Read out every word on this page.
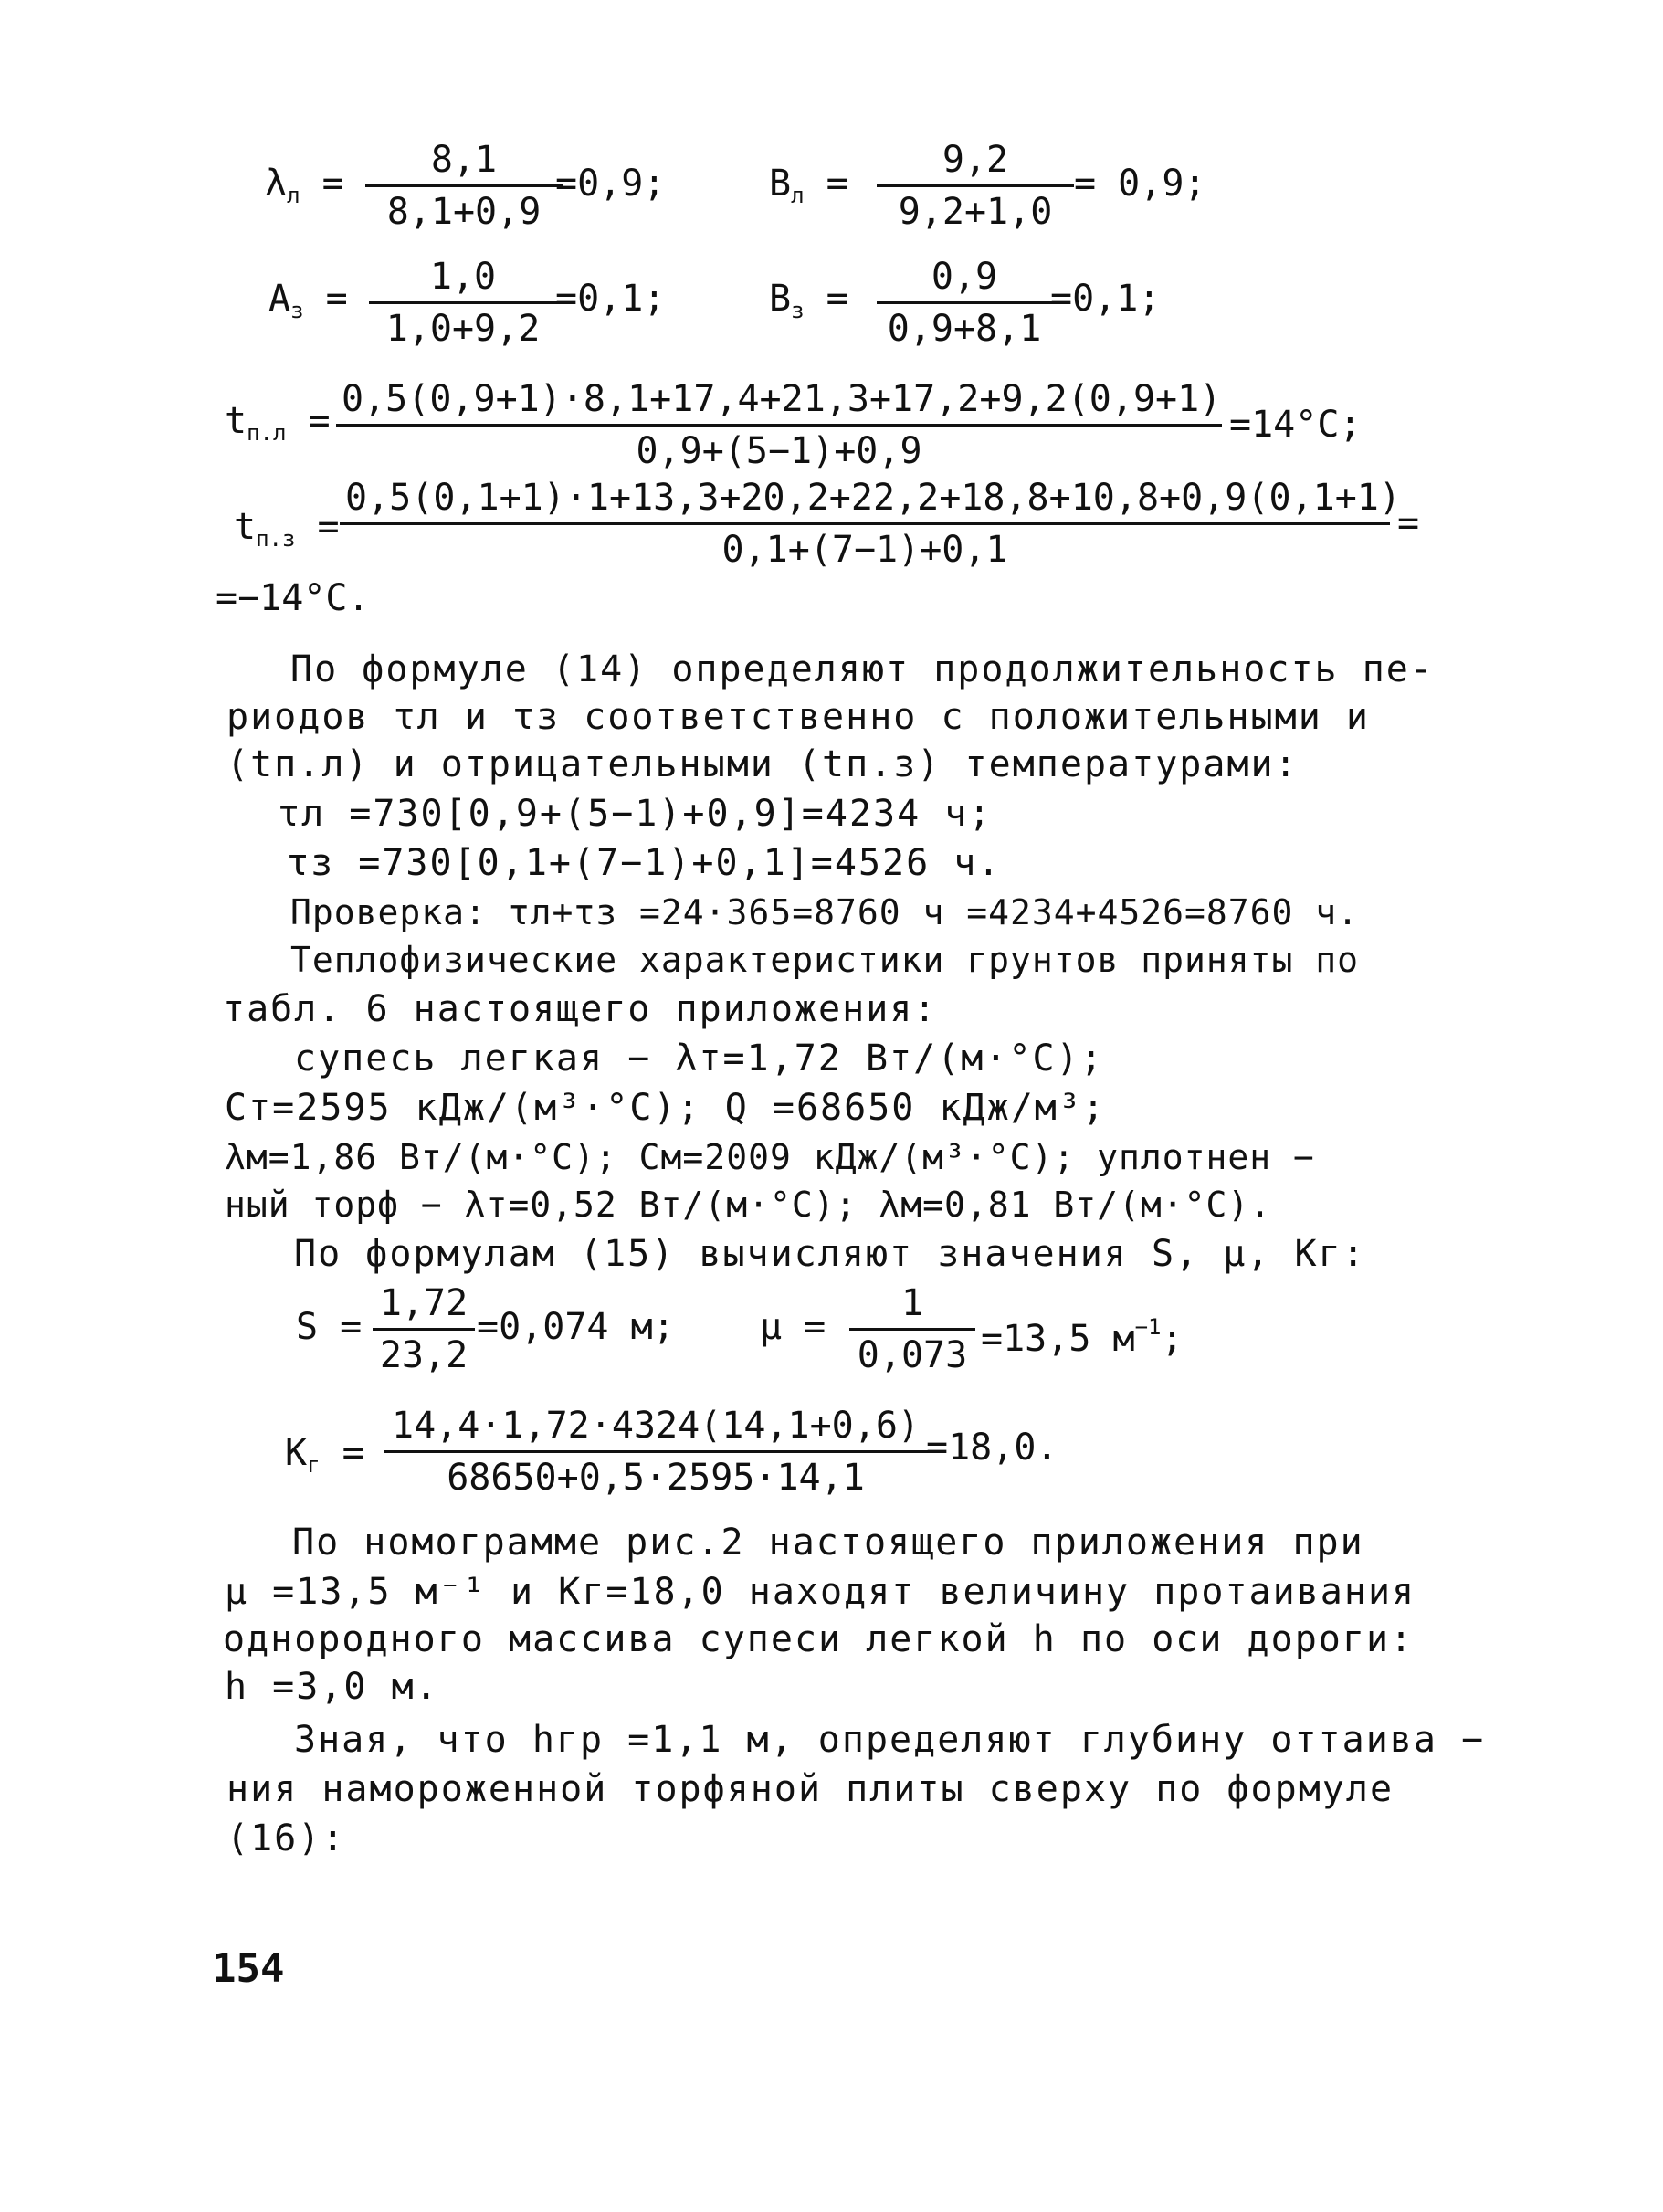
$\lambda_л = \frac{8,1}{8,1+0,9}$
=0,9;	$B_л = \frac{9,2}{9,2+1,0} = 0,9$;
$A_з = \frac{1,0}{1,0+9,2}$
=0,1;	$B_з = \frac{0,9}{0,9+8,1}$
=0,1;
$t_{п.л} = \frac{0,5(0,9+1)\cdot 8,1+17,4+21,3+17,2+9,2(0,9+1)}{0,9+(5-1)+0,9} =14^\circ C$;
$t_{п.з} = \frac{0,5(0,1+1)\cdot 1+13,3+20,2+22,2+18,8+10,8+0,9(0,1+1)}{0,1+(7-1)+0,1}$ =
=−14°C.
По формуле (14) определяют продолжительность пе-
риодов τл и τз соответственно с положительными и
(tп.л) и отрицательными (tп.з) температурами:
τл =730[0,9+(5−1)+0,9]=4234 ч;
τз =730[0,1+(7−1)+0,1]=4526 ч.
Проверка: τл+τз =24·365=8760 ч =4234+4526=8760 ч.
Теплофизические характеристики грунтов приняты по
табл. 6 настоящего приложения:
супесь легкая − λт=1,72 Вт/(м·°С);
Cт=2595 кДж/(м³·°С); Q =68650 кДж/м³;
λм=1,86 Вт/(м·°С); Cм=2009 кДж/(м³·°С); уплотнен −
ный торф − λт=0,52 Вт/(м·°С); λм=0,81 Вт/(м·°С).
По формулам (15) вычисляют значения S, μ, Kг:
$S = \frac{1,72}{23,2} =0,074$ м; $\mu = \frac{1}{0,073} =13,5$ $м^{-1}$;
$K_г = \frac{14,4\cdot 1,72\cdot 4324(14,1+0,6)}{68650+0,5\cdot 2595\cdot 14,1}$
=18,0.
По номограмме рис.2 настоящего приложения при
μ =13,5 м⁻¹ и Kг=18,0 находят величину протаивания
однородного массива супеси легкой h по оси дороги:
h =3,0 м.
Зная, что hгр =1,1 м, определяют глубину оттаива −
ния намороженной торфяной плиты сверху по формуле
(16):
154
